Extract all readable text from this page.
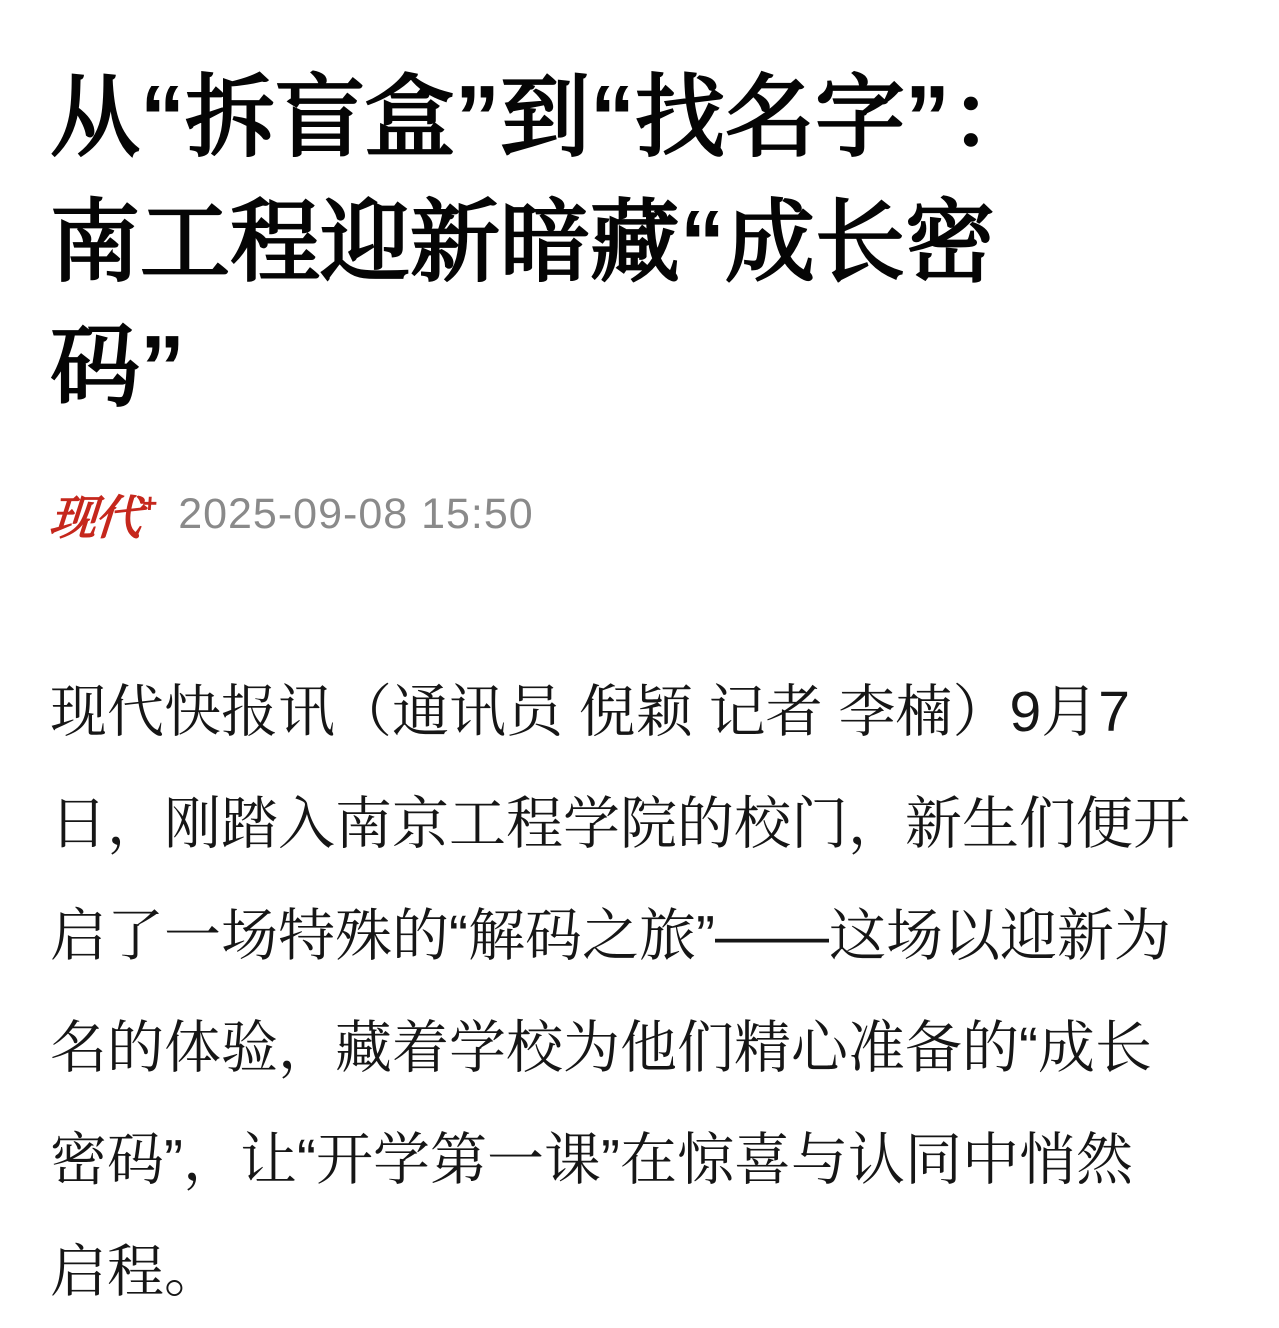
从“拆盲盒”到“找名字”：
南工程迎新暗藏“成长密
码”
现代+ 2025-09-08 15:50
现代快报讯（通讯员 倪颖 记者 李楠）9月7
日，刚踏入南京工程学院的校门，新生们便开
启了一场特殊的“解码之旅”——这场以迎新为
名的体验，藏着学校为他们精心准备的“成长
密码”，让“开学第一课”在惊喜与认同中悄然
启程。
